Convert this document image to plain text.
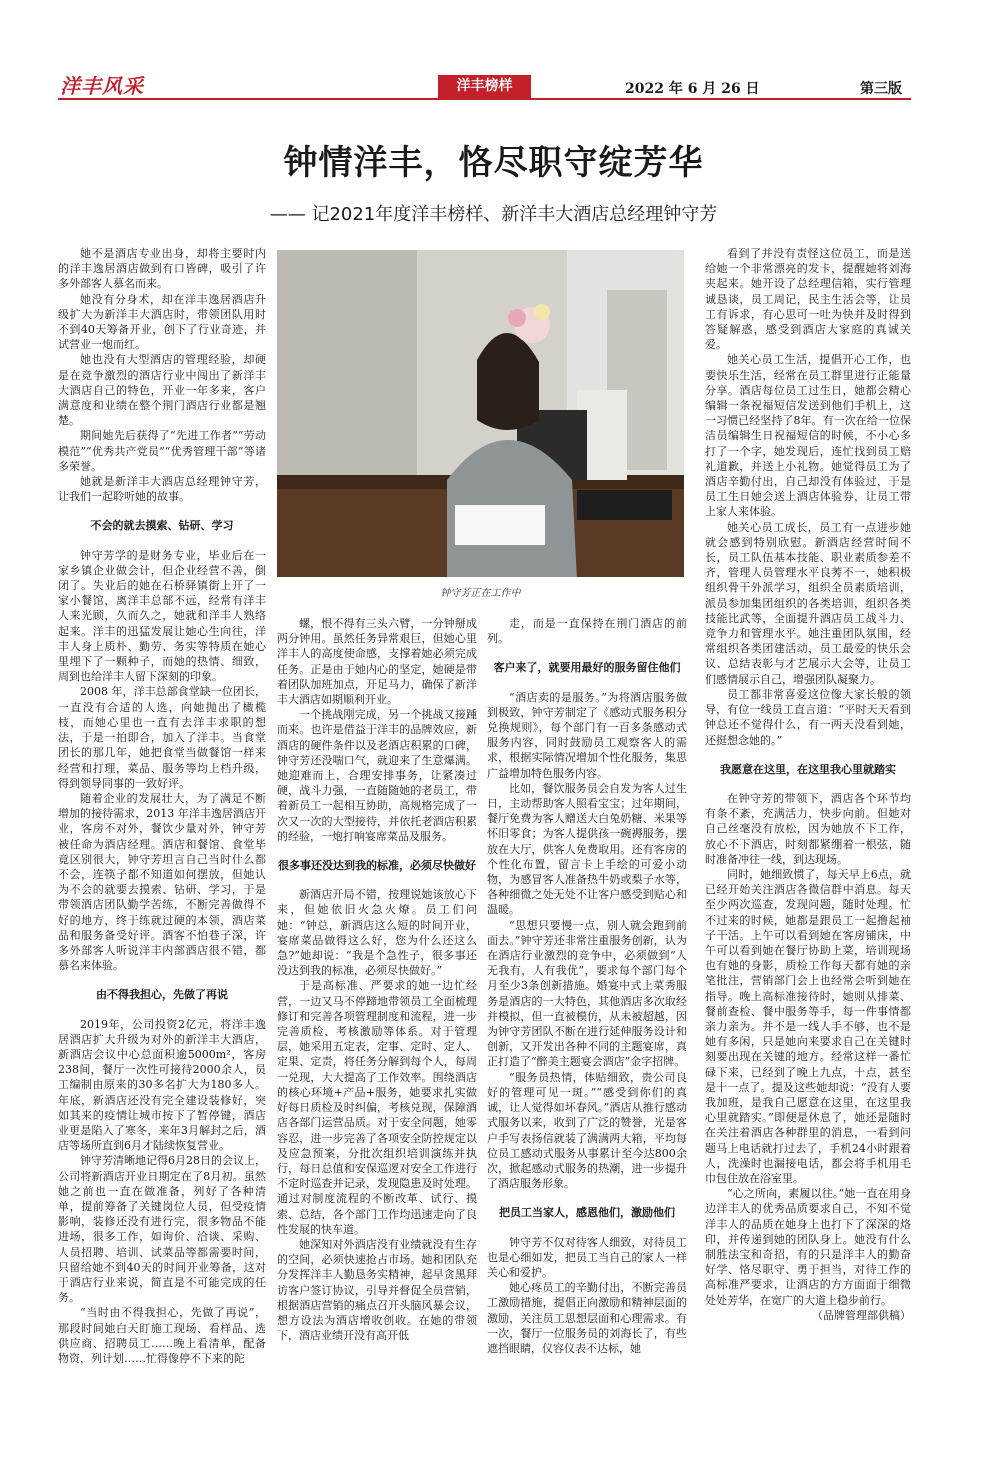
洋丰风采	洋丰榜样	2022 年 6 月 26 日	第三版
钟情洋丰，恪尽职守绽芳华
—— 记2021年度洋丰榜样、新洋丰大酒店总经理钟守芳

她不是酒店专业出身，却将主要时内的洋丰逸居酒店做到有口皆碑，吸引了许多外部客人慕名而来。

她没有分身术，却在洋丰逸居酒店升级扩大为新洋丰大酒店时，带领团队用时不到40天筹备开业，创下了行业奇迹，并试营业一炮而红。

她也没有大型酒店的管理经验，却硬是在竞争激烈的酒店行业中闯出了新洋丰大酒店自己的特色，开业一年多来，客户满意度和业绩在整个荆门酒店行业都是翘楚。

期间她先后获得了“先进工作者”“劳动模范”“优秀共产党员”“优秀管理干部”等诸多荣誉。

她就是新洋丰大酒店总经理钟守芳，让我们一起聆听她的故事。

不会的就去摸索、钻研、学习

钟守芳学的是财务专业，毕业后在一家乡镇企业做会计，但企业经营不善，倒闭了。失业后的她在石桥驿镇街上开了一家小餐馆，离洋丰总部不远，经常有洋丰人来光顾，久而久之，她就和洋丰人熟络起来。洋丰的迅猛发展让她心生向往，洋丰人身上质朴、勤劳、务实等特质在她心里埋下了一颗种子，而她的热情、细致，周到也给洋丰人留下深刻的印象。

2008 年，洋丰总部食堂缺一位团长，一直没有合适的人选，向她抛出了橄榄枝，而她心里也一直有去洋丰求职的想法，于是一拍即合，加入了洋丰。当食堂团长的那几年，她把食堂当做餐馆一样来经营和打理，菜品、服务等均上档升级，得到领导同事的一致好评。

随着企业的发展壮大，为了满足不断增加的接待需求，2013 年洋丰逸居酒店开业，客房不对外，餐饮少量对外，钟守芳被任命为酒店经理。酒店和餐馆、食堂毕竟区别很大，钟守芳坦言自己当时什么都不会，连筷子都不知道如何摆放，但她认为不会的就要去摸索、钻研、学习，于是带领酒店团队勤学苦练，不断完善做得不好的地方，终于练就过硬的本领，酒店菜品和服务备受好评。酒客不怕巷子深，许多外部客人听说洋丰内部酒店很不错，都慕名来体验。

由不得我担心，先做了再说

2019年，公司投资2亿元，将洋丰逸居酒店扩大升级为对外的新洋丰大酒店，新酒店会议中心总面积逾5000m²，客房238间，餐厅一次性可接待2000余人，员工编制由原来的30多名扩大为180多人。年底，新酒店还没有完全建设装修好，突如其来的疫情让城市按下了暂停键，酒店业更是陷入了寒冬，来年3月解封之后，酒店等场所直到6月才陆续恢复营业。

钟守芳清晰地记得6月28日的会议上，公司将新酒店开业日期定在了8月初。虽然她之前也一直在做准备，列好了各种清单，提前筹备了关键岗位人员，但受疫情影响，装修还没有进行完，很多物品不能进场，很多工作，如询价、洽谈、采购、人员招聘、培训、试菜品等都需要时间，只留给她不到40天的时间开业筹备，这对于酒店行业来说，简直是不可能完成的任务。

“当时由不得我担心，先做了再说”，那段时间她白天盯施工现场、看样品、选供应商、招聘员工……晚上看清单，配备物资，列计划……忙得像停不下来的陀

钟守芳正在工作中

螺，恨不得有三头六臂，一分钟掰成两分钟用。虽然任务异常艰巨，但她心里洋丰人的高度使命感，支撑着她必须完成任务。正是由于她内心的坚定，她硬是带着团队加班加点，开足马力，确保了新洋丰大酒店如期顺利开业。

一个挑战刚完成，另一个挑战又接踵而来。也许是借益于洋丰的品牌效应，新酒店的硬件条件以及老酒店积累的口碑，钟守芳还没喘口气，就迎来了生意爆满。她迎难而上，合理安排事务，让紧凑过硬，战斗力强，一直随随她的老员工，带着新员工一起相互协助，高规格完成了一次又一次的大型接待，并依托老酒店积累的经验，一炮打响宴席菜品及服务。

很多事还没达到我的标准，必须尽快做好

新酒店开局不错，按理说她该放心下来，但她依旧火急火燎。员工们问她：“钟总，新酒店这么短的时间开业，宴席菜品做得这么好，您为什么还这么急?”她却说：“我是个急性子，很多事还没达到我的标准，必须尽快做好。”

于是高标准、严要求的她一边忙经营，一边又马不停蹄地带领员工全面梳理修订和完善各项管理制度和流程，进一步完善质检、考核激励等体系。对于管理层，她采用五定表，定事、定时、定人、定果、定责，将任务分解到每个人，每周一兑现，大大提高了工作效率。围绕酒店的核心环境+产品+服务，她要求扎实做好每日质检及时纠偏，考核兑现，保障酒店各部门运营品质。对于安全问题，她零容忍，进一步完善了各项安全防控规定以及应急预案，分批次组织培训演练并执行，每日总值和安保巡逻对安全工作进行不定时巡查并记录，发现隐患及时处理。通过对制度流程的不断改革、试行、摸索、总结，各个部门工作均迅速走向了良性发展的快车道。

她深知对外酒店没有业绩就没有生存的空间，必须快速抢占市场。她和团队充分发挥洋丰人勤恳务实精神，起早贪黑拜访客户签订协议，引导并督促全员营销，根据酒店营销的痛点召开头脑风暴会议，想方设法为酒店增收创收。在她的带领下，酒店业绩开没有高开低

走，而是一直保持在荆门酒店的前列。

客户来了，就要用最好的服务留住他们

“酒店卖的是服务。”为将酒店服务做到极致，钟守芳制定了《感动式服务积分兑换规则》，每个部门有一百多条感动式服务内容，同时鼓励员工观察客人的需求，根据实际情况增加个性化服务，集思广益增加特色服务内容。

比如，餐饮服务员会自发为客人过生日，主动帮助客人照看宝宝；过年期间，餐厅免费为客人赠送大白兔奶糖、米果等怀旧零食；为客人提供孩一碗褥服务，摆放在大厅，供客人免费取用。还有客房的个性化布置，留言卡上手绘的可爱小动物，为感冒客人准备热牛奶或梨子水等，各种细微之处无处不让客户感受到贴心和温暖。

“思想只要慢一点，别人就会跑到前面去。”钟守芳还非常注重服务创新，认为在酒店行业激烈的竞争中，必须做到“人无我有，人有我优”，要求每个部门每个月至少3条创新措施。婚宴中式上菜秀服务是酒店的一大特色，其他酒店多次取经并模拟，但一直被模仿，从未被超越，因为钟守芳团队不断在进行延伸服务设计和创新，又开发出各种不同的主题宴席，真正打造了“醉美主题宴会酒店”金字招牌。

“服务员热情，体贴细致，贵公司良好的管理可见一斑。”“感受到你们的真诚，让人觉得如坏春风。”酒店从推行感动式服务以来，收到了广泛的赞誉，光是客户手写表扬信就装了满满两大箱，平均每位员工感动式服务从事累计至今达800余次，掀起感动式服务的热潮，进一步提升了酒店服务形象。

把员工当家人，感恩他们，激励他们

钟守芳不仅对待客人细致，对待员工也是心细如发，把员工当自己的家人一样关心和爱护。

她心疼员工的辛勤付出，不断完善员工激励措施，提倡正向激励和精神层面的激励，关注员工思想层面和心理需求。有一次，餐厅一位服务员的刘海长了，有些遮挡眼睛，仪容仪表不达标，她

看到了并没有责怪这位员工，而是送给她一个非常漂亮的发卡，提醒她将刘海夹起来。她开设了总经理信箱，实行管理诚恳谈，员工周记，民主生活会等，让员工有诉求，有心思可一吐为快并及时得到答疑解惑，感受到酒店大家庭的真诚关爱。

她关心员工生活，提倡开心工作，也要快乐生活，经常在员工群里进行正能量分享。酒店每位员工过生日，她都会精心编辑一条祝福短信发送到他们手机上，这一习惯已经坚持了8年。有一次在给一位保洁员编辑生日祝福短信的时候，不小心多打了一个字，她发现后，连忙找到员工赔礼道歉，并送上小礼物。她觉得员工为了酒店辛勤付出，自己却没有体验过，于是员工生日她会送上酒店体验券，让员工带上家人来体验。

她关心员工成长，员工有一点进步她就会感到特别欣慰。新酒店经营时间不长，员工队伍基本技能、职业素质参差不齐，管理人员管理水平良莠不一，她积极组织骨干外派学习，组织全员素质培训，派员参加集团组织的各类培训，组织各类技能比武等，全面提升酒店员工战斗力、竞争力和管理水平。她注重团队氛围，经常组织各类团建活动，员工最爱的快乐会议、总结表彰与才艺展示大会等，让员工们感情展示自己，增强团队凝聚力。

员工都非常喜爱这位像大家长般的领导，有位一线员工直言道：“平时天天看到钟总还不觉得什么，有一两天没看到她，还挺想念她的。”

我愿意在这里，在这里我心里就踏实

在钟守芳的带领下，酒店各个环节均有条不紊，充满活力，快步向前。但她对自己丝毫没有放松，因为她放不下工作，放心不下酒店，时刻都紧绷着一根弦，随时准备冲往一线，到达现场。

同时，她细致惯了，每天早上6点，就已经开始关注酒店各微信群中消息。每天至少两次巡查，发现问题，随时处理。忙不过来的时候，她都是跟员工一起撸起袖子干活。上午可以看到她在客房铺床，中午可以看到她在餐厅协助上菜，培训现场也有她的身影，质检工作每天都有她的亲笔批注，营销部门会上也经常会听到她在指导。晚上高标准接待时，她则从排菜、餐前查检、餐中服务等手，每一件事情都亲力亲为。并不是一线人手不够，也不是她有多闲，只是她向来要求自己在关键时刻要出现在关键的地方。经常这样一番忙碌下来，已经到了晚上九点，十点，甚至是十一点了。提及这些她却说：“没有人要我加班，是我自己愿意在这里，在这里我心里就踏实。”即便是休息了，她还是随时在关注着酒店各种群里的消息，一看到问题马上电话就打过去了，手机24小时跟着人，洗澡时也漏接电话，都会将手机用毛巾包住放在浴室里。

“心之所向，素履以往。”她一直在用身边洋丰人的优秀品质要求自己，不知不觉洋丰人的品质在她身上也打下了深深的烙印，并传递到她的团队身上。她没有什么制胜法宝和奇招，有的只是洋丰人的勤奋好学、恪尽职守、勇于担当，对待工作的高标准严要求，让酒店的方方面面于细微处处芳华，在宽广的大道上稳步前行。

（品牌管理部供稿）
